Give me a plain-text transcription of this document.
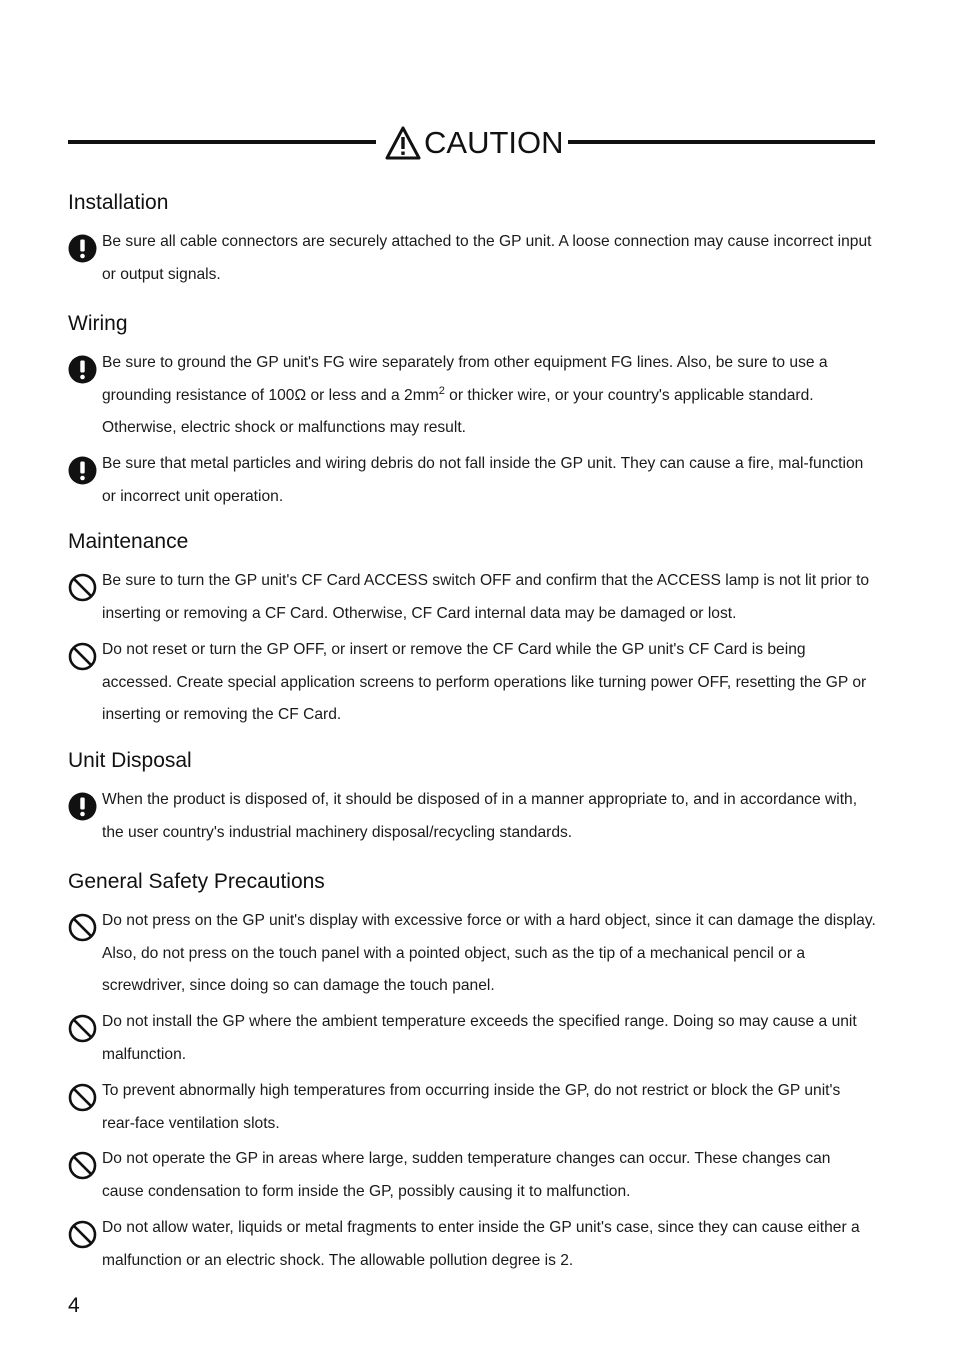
CAUTION
Installation
Be sure all cable connectors are securely attached to the GP unit. A loose connection may cause incorrect input or output signals.
Wiring
Be sure to ground the GP unit's FG wire separately from other equipment FG lines. Also, be sure to use a grounding resistance of 100Ω or less and a $2mm^2$ or thicker wire, or your country's applicable standard. Otherwise, electric shock or malfunctions may result.
Be sure that metal particles and wiring debris do not fall inside the GP unit. They can cause a fire, mal-function or incorrect unit operation.
Maintenance
Be sure to turn the GP unit's CF Card ACCESS switch OFF and confirm that the ACCESS lamp is not lit prior to inserting or removing a CF Card. Otherwise, CF Card internal data may be damaged or lost.
Do not reset or turn the GP OFF, or insert or remove the CF Card while the GP unit's CF Card is being accessed. Create special application screens to perform operations like turning power OFF, resetting the GP or inserting or removing the CF Card.
Unit Disposal
When the product is disposed of, it should be disposed of in a manner appropriate to, and in accordance with, the user country's industrial machinery disposal/recycling standards.
General Safety Precautions
Do not press on the GP unit's display with excessive force or with a hard object, since it can damage the display. Also, do not press on the touch panel with a pointed object, such as the tip of a mechanical pencil or a screwdriver, since doing so can damage the touch panel.
Do not install the GP where the ambient temperature exceeds the specified range. Doing so may cause a unit malfunction.
To prevent abnormally high temperatures from occurring inside the GP, do not restrict or block the GP unit's rear-face ventilation slots.
Do not operate the GP in areas where large, sudden temperature changes can occur. These changes can cause condensation to form inside the GP, possibly causing it to malfunction.
Do not allow water, liquids or metal fragments to enter inside the GP unit's case, since they can cause either a malfunction or an electric shock. The allowable pollution degree is 2.
4
